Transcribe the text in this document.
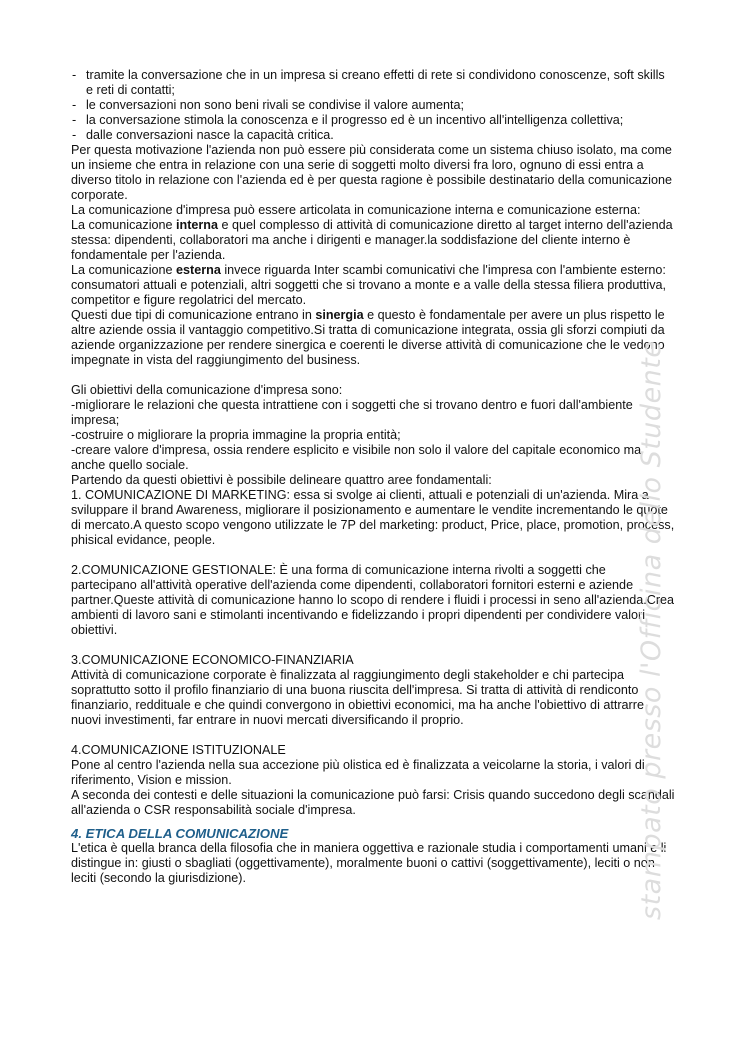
- tramite la conversazione che in un impresa si creano effetti di rete si condividono conoscenze, soft skills e reti di contatti;
- le conversazioni non sono beni rivali se condivise il valore aumenta;
- la conversazione stimola la conoscenza e il progresso ed è un incentivo all'intelligenza collettiva;
- dalle conversazioni nasce la capacità critica.

Per questa motivazione l'azienda non può essere più considerata come un sistema chiuso isolato, ma come un insieme che entra in relazione con una serie di soggetti molto diversi fra loro, ognuno di essi entra a diverso titolo in relazione con l'azienda ed è per questa ragione è possibile destinatario della comunicazione corporate.

La comunicazione d'impresa può essere articolata in comunicazione interna e comunicazione esterna:

La comunicazione interna e quel complesso di attività di comunicazione diretto al target interno dell'azienda stessa: dipendenti, collaboratori ma anche i dirigenti e manager.la soddisfazione del cliente interno è fondamentale per l'azienda.

La comunicazione esterna invece riguarda Inter scambi comunicativi che l'impresa con l'ambiente esterno: consumatori attuali e potenziali, altri soggetti che si trovano a monte e a valle della stessa filiera produttiva, competitor e figure regolatrici del mercato.

Questi due tipi di comunicazione entrano in sinergia e questo è fondamentale per avere un plus rispetto le altre aziende ossia il vantaggio competitivo.Si tratta di comunicazione integrata, ossia gli sforzi compiuti da aziende organizzazione per rendere sinergica e coerenti le diverse attività di comunicazione che le vedono impegnate in vista del raggiungimento del business.

Gli obiettivi della comunicazione d'impresa sono:

-migliorare le relazioni che questa intrattiene con i soggetti che si trovano dentro e fuori dall'ambiente impresa;

-costruire o migliorare la propria immagine la propria entità;

-creare valore d'impresa, ossia rendere esplicito e visibile non solo il valore del capitale economico ma anche quello sociale.

Partendo da questi obiettivi è possibile delineare quattro aree fondamentali:

1. COMUNICAZIONE DI MARKETING: essa si svolge ai clienti, attuali e potenziali di un'azienda. Mira a sviluppare il brand Awareness, migliorare il posizionamento e aumentare le vendite incrementando le quote di mercato.A questo scopo vengono utilizzate le 7P del marketing: product, Price, place, promotion, process, phisical evidance, people.

2.COMUNICAZIONE GESTIONALE: È una forma di comunicazione interna rivolti a soggetti che partecipano all'attività operative dell'azienda come dipendenti, collaboratori fornitori esterni e aziende partner.Queste attività di comunicazione hanno lo scopo di rendere i fluidi i processi in seno all'azienda.Crea ambienti di lavoro sani e stimolanti incentivando e fidelizzando i propri dipendenti per condividere valori obiettivi.

3.COMUNICAZIONE ECONOMICO-FINANZIARIA

Attività di comunicazione corporate è finalizzata al raggiungimento degli stakeholder e chi partecipa soprattutto sotto il profilo finanziario di una buona riuscita dell'impresa. Si tratta di attività di rendiconto finanziario, reddituale e che quindi convergono in obiettivi economici, ma ha anche l'obiettivo di attrarre nuovi investimenti, far entrare in nuovi mercati diversificando il proprio.

4.COMUNICAZIONE ISTITUZIONALE

Pone al centro l'azienda nella sua accezione più olistica ed è finalizzata a veicolarne la storia, i valori di riferimento, Vision e mission.

A seconda dei contesti e delle situazioni la comunicazione può farsi: Crisis quando succedono degli scandali all'azienda o CSR responsabilità sociale d'impresa.

4. ETICA DELLA COMUNICAZIONE

L'etica è quella branca della filosofia che in maniera oggettiva e razionale studia i comportamenti umani e li distingue in: giusti o sbagliati (oggettivamente), moralmente buoni o cattivi (soggettivamente), leciti o non leciti (secondo la giurisdizione).	stampato presso l'Officina dello Studente
